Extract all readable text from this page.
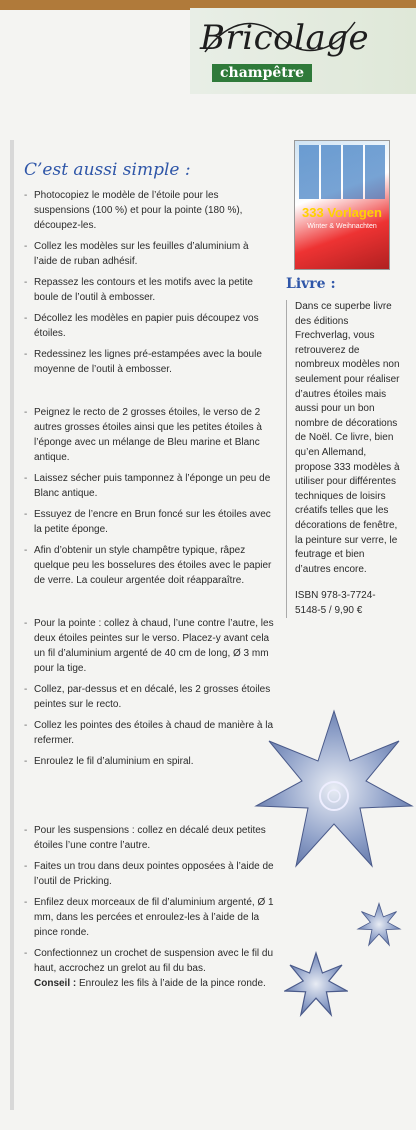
Bricolage
champêtre
C’est aussi simple :
- Photocopiez le modèle de l’étoile pour les suspensions (100 %) et pour la pointe (180 %), découpez-les.
- Collez les modèles sur les feuilles d’aluminium à l’aide de ruban adhésif.
- Repassez les contours et les motifs avec la petite boule de l’outil à embosser.
- Décollez les modèles en papier puis découpez vos étoiles.
- Redessinez les lignes pré-estampées avec la boule moyenne de l’outil à embosser.
- Peignez le recto de 2 grosses étoiles, le verso de 2 autres grosses étoiles ainsi que les petites étoiles à l’éponge avec un mélange de Bleu marine et Blanc antique.
- Laissez sécher puis tamponnez à l’éponge un peu de Blanc antique.
- Essuyez de l’encre en Brun foncé sur les étoiles avec la petite éponge.
- Afin d’obtenir un style champêtre typique, râpez quelque peu les bosselures des étoiles avec le papier de verre. La couleur argentée doit réapparaître.
- Pour la pointe : collez à chaud, l’une contre l’autre, les deux étoiles peintes sur le verso. Placez-y avant cela un fil d’aluminium argenté de 40 cm de long, Ø 3 mm pour la tige.
- Collez, par-dessus et en décalé, les 2 grosses étoiles peintes sur le recto.
- Collez les pointes des étoiles à chaud de manière à la refermer.
- Enroulez le fil d’aluminium en spiral.
- Pour les suspensions : collez en décalé deux petites étoiles l’une contre l’autre.
- Faites un trou dans deux pointes opposées à l’aide de l’outil de Pricking.
- Enfilez deux morceaux de fil d’aluminium argenté, Ø 1 mm, dans les percées et enroulez-les à l’aide de la pince ronde.
- Confectionnez un crochet de suspension avec le fil du haut, accrochez un grelot au fil du bas.
Conseil : Enroulez les fils à l’aide de la pince ronde.
333 Vorlagen
Winter & Weihnachten
Livre :
Dans ce superbe livre des éditions Frechverlag, vous retrouverez de nombreux modèles non seulement pour réaliser d’autres étoiles mais aussi pour un bon nombre de décorations de Noël. Ce livre, bien qu’en Allemand, propose 333 modèles à utiliser pour différentes techniques de loisirs créatifs telles que les décorations de fenêtre, la peinture sur verre, le feutrage et bien d’autres encore.
ISBN 978-3-7724-5148-5 / 9,90 €
